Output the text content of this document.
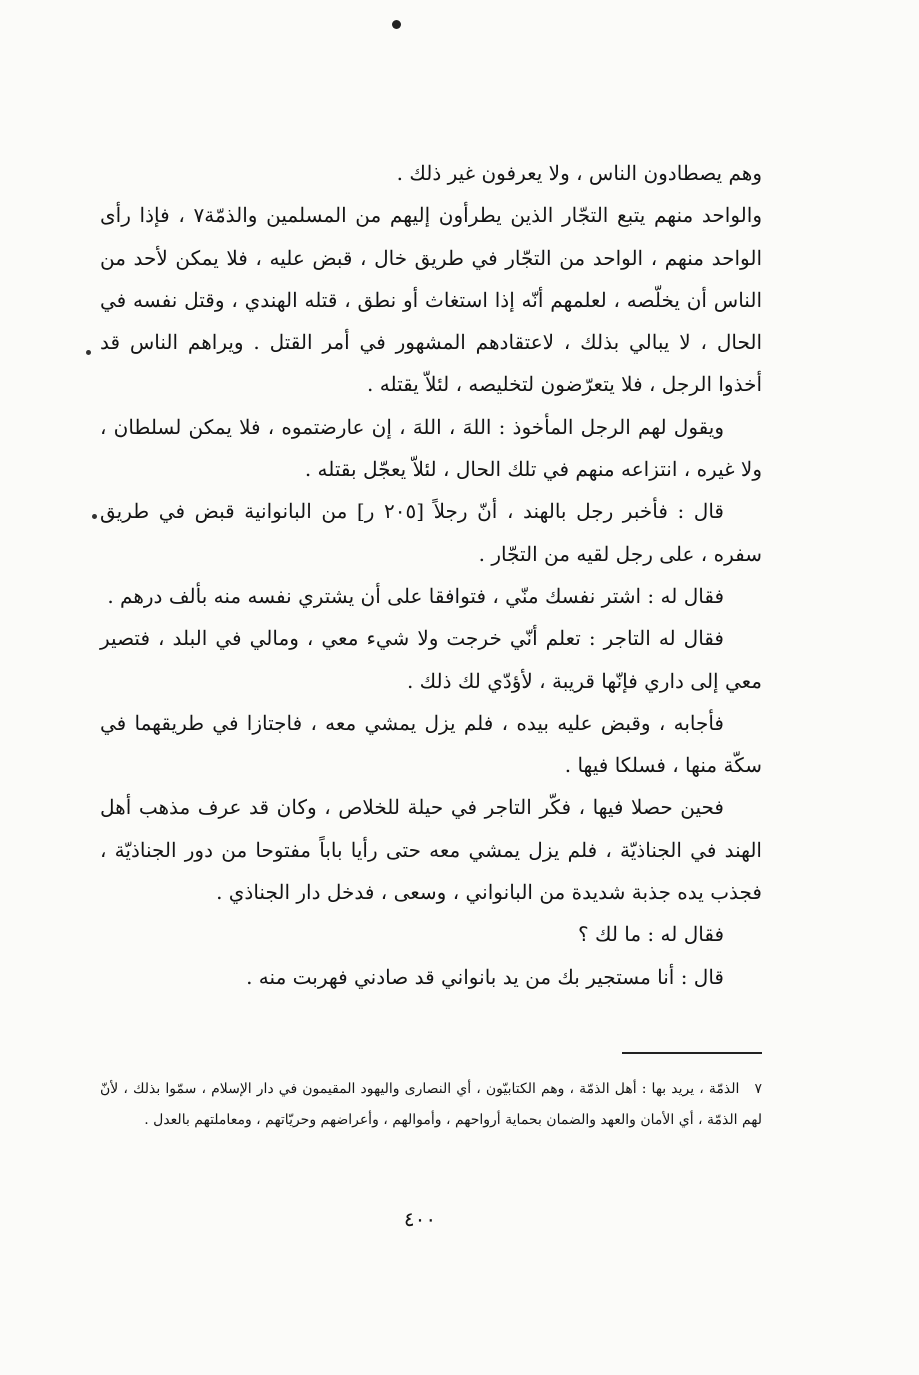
وهم يصطادون الناس ، ولا يعرفون غير ذلك .

والواحد منهم يتبع التجّار الذين يطرأون إليهم من المسلمين والذمّة٧ ، فإذا رأى الواحد منهم ، الواحد من التجّار في طريق خال ، قبض عليه ، فلا يمكن لأحد من الناس أن يخلّصه ، لعلمهم أنّه إذا استغاث أو نطق ، قتله الهندي ، وقتل نفسه في الحال ، لا يبالي بذلك ، لاعتقادهم المشهور في أمر القتل . ويراهم الناس قد أخذوا الرجل ، فلا يتعرّضون لتخليصه ، لئلاّ يقتله .

ويقول لهم الرجل المأخوذ : اللهَ ، اللهَ ، إن عارضتموه ، فلا يمكن لسلطان ، ولا غيره ، انتزاعه منهم في تلك الحال ، لئلاّ يعجّل بقتله .

قال : فأخبر رجل بالهند ، أنّ رجلاً [٢٠٥ ر] من البانوانية قبض في طريق سفره ، على رجل لقيه من التجّار .

فقال له : اشتر نفسك منّي ، فتوافقا على أن يشتري نفسه منه بألف درهم .

فقال له التاجر : تعلم أنّي خرجت ولا شيء معي ، ومالي في البلد ، فتصير معي إلى داري فإنّها قريبة ، لأؤدّي لك ذلك .

فأجابه ، وقبض عليه بيده ، فلم يزل يمشي معه ، فاجتازا في طريقهما في سكّة منها ، فسلكا فيها .

فحين حصلا فيها ، فكّر التاجر في حيلة للخلاص ، وكان قد عرف مذهب أهل الهند في الجناذيّة ، فلم يزل يمشي معه حتى رأيا باباً مفتوحا من دور الجناذيّة ، فجذب يده جذبة شديدة من البانواني ، وسعى ، فدخل دار الجناذي .

فقال له : ما لك ؟

قال : أنا مستجير بك من يد بانواني قد صادني فهربت منه .

٧ الذمّة ، يريد بها : أهل الذمّة ، وهم الكتابيّون ، أي النصارى واليهود المقيمون في دار الإسلام ، سمّوا بذلك ، لأنّ لهم الذمّة ، أي الأمان والعهد والضمان بحماية أرواحهم ، وأموالهم ، وأعراضهم وحريّاتهم ، ومعاملتهم بالعدل .

٤٠٠
